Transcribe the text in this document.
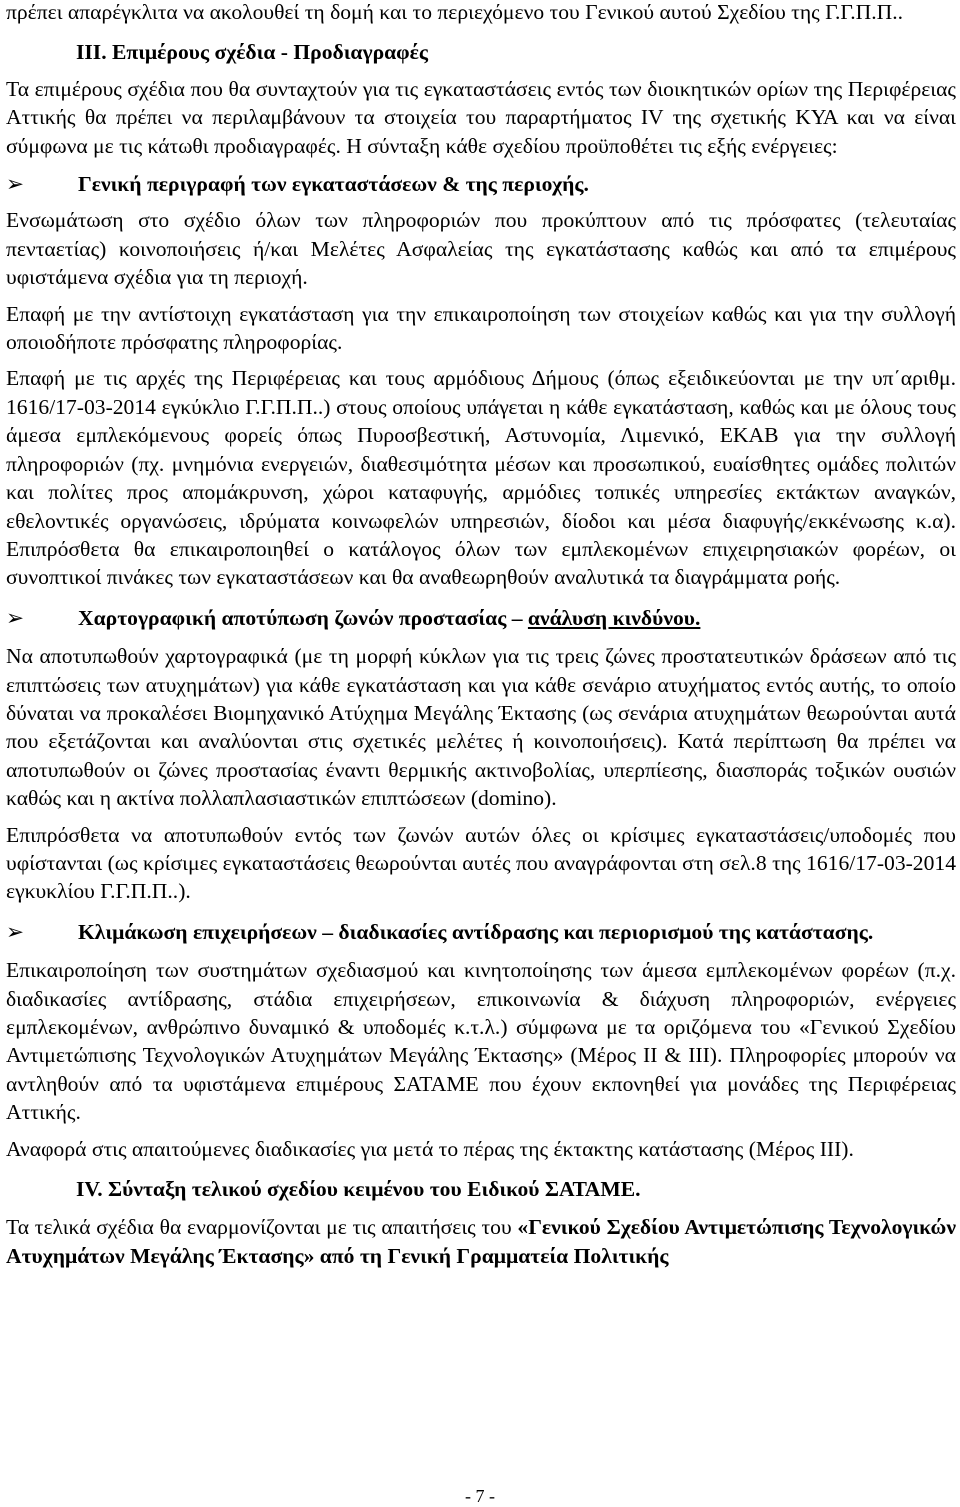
πρέπει απαρέγκλιτα να ακολουθεί τη δομή και το περιεχόμενο του Γενικού αυτού Σχεδίου της Γ.Γ.Π.Π..

ΙΙΙ. Επιμέρους σχέδια - Προδιαγραφές

Τα επιμέρους σχέδια που θα συνταχτούν για τις εγκαταστάσεις εντός των διοικητικών ορίων της Περιφέρειας Αττικής θα πρέπει να περιλαμβάνουν τα στοιχεία του παραρτήματος IV της σχετικής ΚΥΑ και να είναι σύμφωνα με τις κάτωθι προδιαγραφές. Η σύνταξη κάθε σχεδίου προϋποθέτει τις εξής ενέργειες:

➢	Γενική περιγραφή των εγκαταστάσεων & της περιοχής.

Ενσωμάτωση στο σχέδιο όλων των πληροφοριών που προκύπτουν από τις πρόσφατες (τελευταίας πενταετίας) κοινοποιήσεις ή/και Μελέτες Ασφαλείας της εγκατάστασης καθώς και από τα επιμέρους υφιστάμενα σχέδια για τη περιοχή.

Επαφή με την αντίστοιχη εγκατάσταση για την επικαιροποίηση των στοιχείων καθώς και για την συλλογή οποιοδήποτε πρόσφατης πληροφορίας.

Επαφή με τις αρχές της Περιφέρειας και τους αρμόδιους Δήμους (όπως εξειδικεύονται με την υπ΄αριθμ. 1616/17-03-2014 εγκύκλιο Γ.Γ.Π.Π..) στους οποίους υπάγεται η κάθε εγκατάσταση, καθώς και με όλους τους άμεσα εμπλεκόμενους φορείς όπως Πυροσβεστική, Αστυνομία, Λιμενικό, ΕΚΑΒ για την συλλογή πληροφοριών (πχ. μνημόνια ενεργειών, διαθεσιμότητα μέσων και προσωπικού, ευαίσθητες ομάδες πολιτών και πολίτες προς απομάκρυνση, χώροι καταφυγής, αρμόδιες τοπικές υπηρεσίες εκτάκτων αναγκών, εθελοντικές οργανώσεις, ιδρύματα κοινωφελών υπηρεσιών, δίοδοι και μέσα διαφυγής/εκκένωσης κ.α). Επιπρόσθετα θα επικαιροποιηθεί ο κατάλογος όλων των εμπλεκομένων επιχειρησιακών φορέων, οι συνοπτικοί πινάκες των εγκαταστάσεων και θα αναθεωρηθούν αναλυτικά τα διαγράμματα ροής.

➢	Χαρτογραφική αποτύπωση ζωνών προστασίας – ανάλυση κινδύνου.

Να αποτυπωθούν χαρτογραφικά (με τη μορφή κύκλων για τις τρεις ζώνες προστατευτικών δράσεων από τις επιπτώσεις των ατυχημάτων) για κάθε εγκατάσταση και για κάθε σενάριο ατυχήματος εντός αυτής, το οποίο δύναται να προκαλέσει Βιομηχανικό Ατύχημα Μεγάλης Έκτασης (ως σενάρια ατυχημάτων θεωρούνται αυτά που εξετάζονται και αναλύονται στις σχετικές μελέτες ή κοινοποιήσεις). Κατά περίπτωση θα πρέπει να αποτυπωθούν οι ζώνες προστασίας έναντι θερμικής ακτινοβολίας, υπερπίεσης, διασποράς τοξικών ουσιών καθώς και η ακτίνα πολλαπλασιαστικών επιπτώσεων (domino).

Επιπρόσθετα να αποτυπωθούν εντός των ζωνών αυτών όλες οι κρίσιμες εγκαταστάσεις/υποδομές που υφίστανται (ως κρίσιμες εγκαταστάσεις θεωρούνται αυτές που αναγράφονται στη σελ.8 της 1616/17-03-2014 εγκυκλίου Γ.Γ.Π.Π..).

➢	Κλιμάκωση επιχειρήσεων – διαδικασίες αντίδρασης και περιορισμού της κατάστασης.

Επικαιροποίηση των συστημάτων σχεδιασμού και κινητοποίησης των άμεσα εμπλεκομένων φορέων (π.χ. διαδικασίες αντίδρασης, στάδια επιχειρήσεων, επικοινωνία & διάχυση πληροφοριών, ενέργειες εμπλεκομένων, ανθρώπινο δυναμικό & υποδομές κ.τ.λ.) σύμφωνα με τα οριζόμενα του «Γενικού Σχεδίου Αντιμετώπισης Τεχνολογικών Ατυχημάτων Μεγάλης Έκτασης» (Μέρος ΙΙ & ΙΙΙ). Πληροφορίες μπορούν να αντληθούν από τα υφιστάμενα επιμέρους ΣΑΤΑΜΕ που έχουν εκπονηθεί για μονάδες της Περιφέρειας Αττικής.

Αναφορά στις απαιτούμενες διαδικασίες για μετά το πέρας της έκτακτης κατάστασης (Μέρος ΙΙΙ).

IV. Σύνταξη τελικού σχεδίου κειμένου του Ειδικού ΣΑΤΑΜΕ.

Τα τελικά σχέδια θα εναρμονίζονται με τις απαιτήσεις του «Γενικού Σχεδίου Αντιμετώπισης Τεχνολογικών Ατυχημάτων Μεγάλης Έκτασης» από τη Γενική Γραμματεία Πολιτικής

- 7 -
